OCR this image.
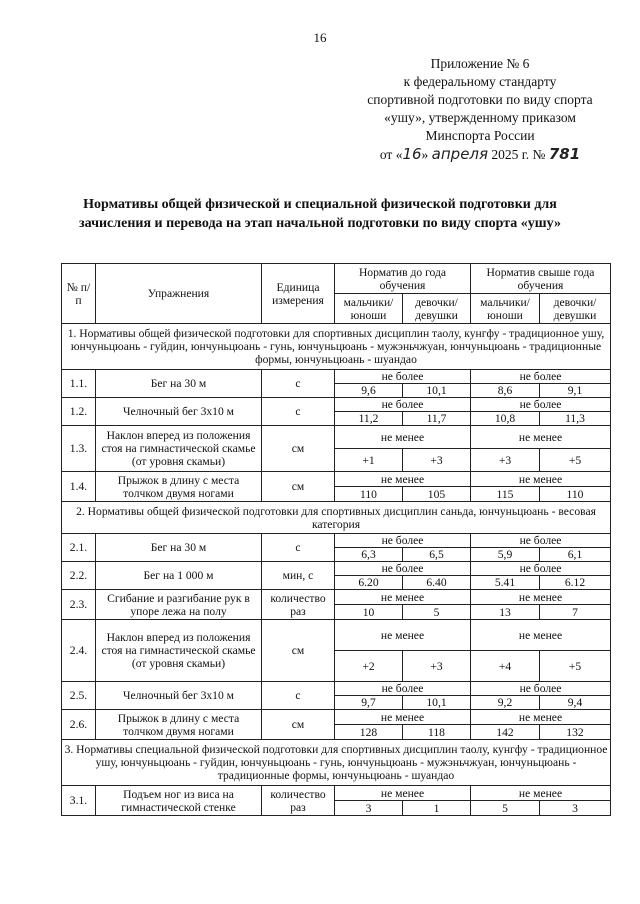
16
Приложение № 6
к федеральному стандарту
спортивной подготовки по виду спорта
«ушу», утвержденному приказом
Минспорта России
от «16» апреля 2025 г. № 781
Нормативы общей физической и специальной физической подготовки для зачисления и перевода на этап начальной подготовки по виду спорта «ушу»
№ п/п	Упражнения	Единица измерения	Норматив до года обучения		Норматив свыше года обучения	
			мальчики/ юноши	девочки/ девушки	мальчики/ юноши	девочки/ девушки
1. Нормативы общей физической подготовки для спортивных дисциплин таолу, кунгфу - традиционное ушу, юнчуньцюань - гуйдин, юнчуньцюань - гунь, юнчуньцюань - мужэньчжуан, юнчуньцюань - традиционные формы, юнчуньцюань - шуандао						
1.1.	Бег на 30 м	с	не более		не более	
			9,6	10,1	8,6	9,1
1.2.	Челночный бег 3х10 м	с	не более		не более	
			11,2	11,7	10,8	11,3
1.3.	Наклон вперед из положения стоя на гимнастической скамье (от уровня скамьи)	см	не менее		не менее	
			+1	+3	+3	+5
1.4.	Прыжок в длину с места толчком двумя ногами	см	не менее		не менее	
			110	105	115	110
2. Нормативы общей физической подготовки для спортивных дисциплин саньда, юнчуньцюань - весовая категория						
2.1.	Бег на 30 м	с	не более		не более	
			6,3	6,5	5,9	6,1
2.2.	Бег на 1 000 м	мин, с	не более		не более	
			6.20	6.40	5.41	6.12
2.3.	Сгибание и разгибание рук в упоре лежа на полу	количество раз	не менее		не менее	
			10	5	13	7
2.4.	Наклон вперед из положения стоя на гимнастической скамье (от уровня скамьи)	см	не менее		не менее	
			+2	+3	+4	+5
2.5.	Челночный бег 3х10 м	с	не более		не более	
			9,7	10,1	9,2	9,4
2.6.	Прыжок в длину с места толчком двумя ногами	см	не менее		не менее	
			128	118	142	132
3. Нормативы специальной физической подготовки для спортивных дисциплин таолу, кунгфу - традиционное ушу, юнчуньцюань - гуйдин, юнчуньцюань - гунь, юнчуньцюань - мужэньчжуан, юнчуньцюань - традиционные формы, юнчуньцюань - шуандао						
3.1.	Подъем ног из виса на гимнастической стенке	количество раз	не менее		не менее	
			3	1	5	3
